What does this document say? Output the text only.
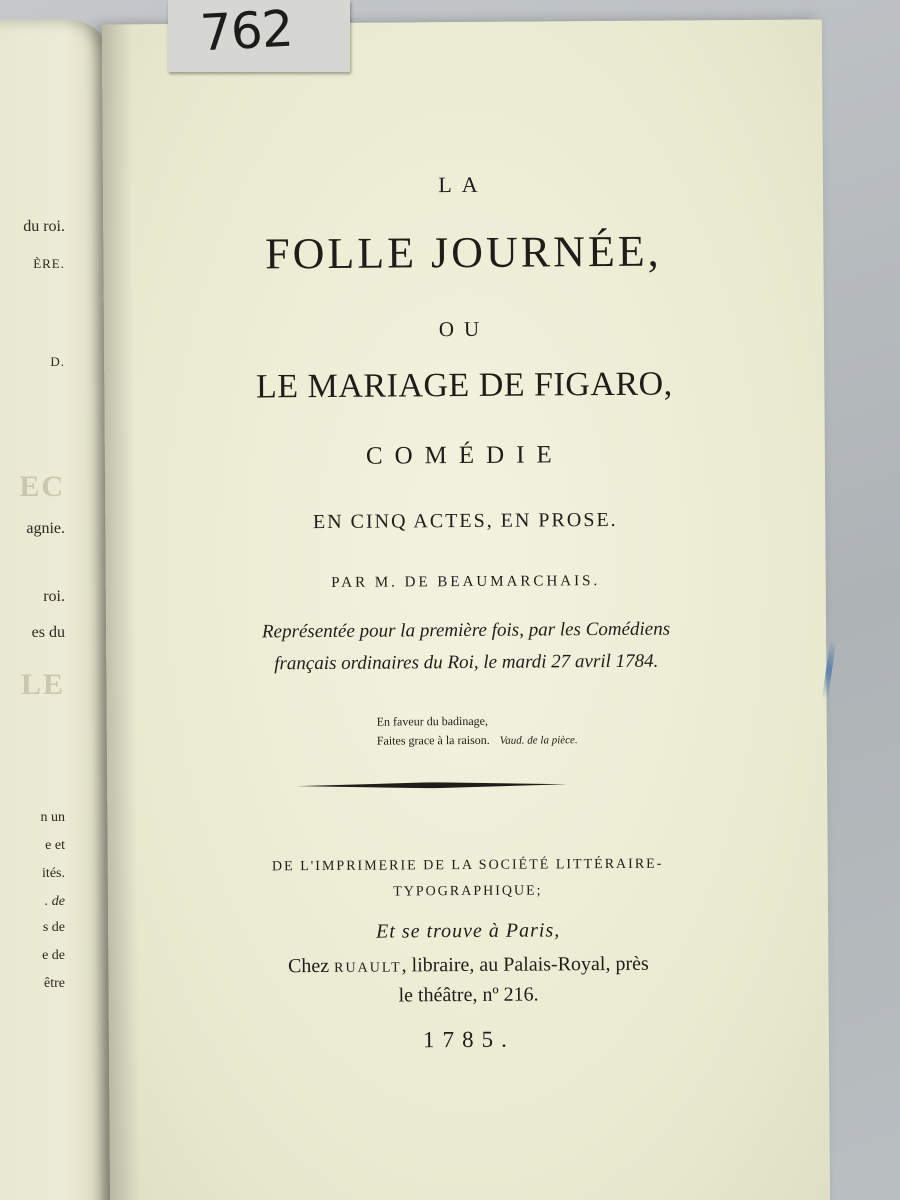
du roi.
ÈRE.
D.
EC
agnie.
roi.
es du
LE
n un
e et
ités.
. de
s de
e de
être

LA

FOLLE JOURNÉE,

OU

LE MARIAGE DE FIGARO,

COMÉDIE

EN CINQ ACTES, EN PROSE.

PAR M. DE BEAUMARCHAIS.

Représentée pour la première fois, par les Comédiens

français ordinaires du Roi, le mardi 27 avril 1784.

En faveur du badinage,

Faites grace à la raison. Vaud. de la pièce.

DE L'IMPRIMERIE DE LA SOCIÉTÉ LITTÉRAIRE-

TYPOGRAPHIQUE;

Et se trouve à Paris,

Chez RUAULT, libraire, au Palais-Royal, près

le théâtre, nº 216.

1785.

762
